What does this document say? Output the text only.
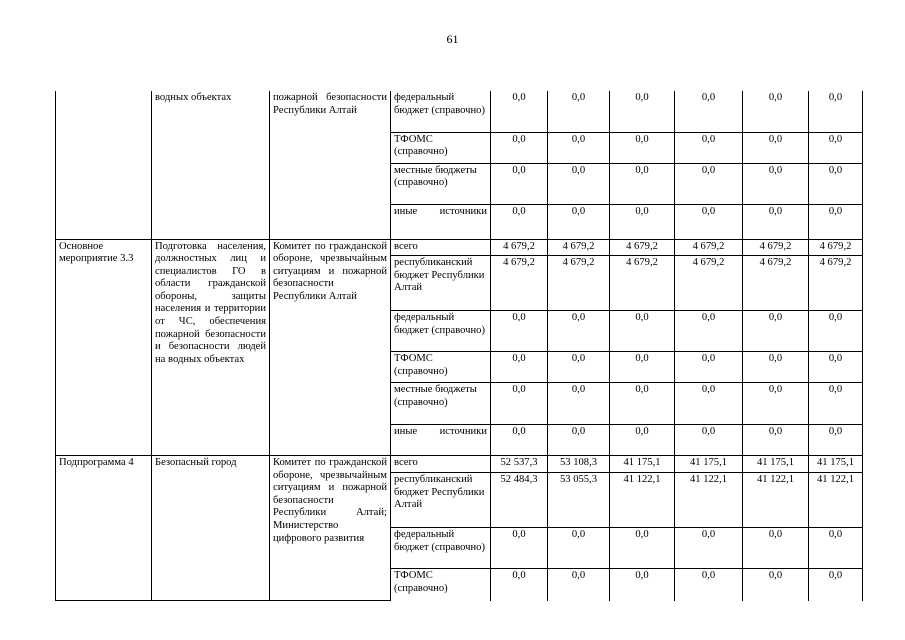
61
	водных объектах	пожарной безопасности Республики Алтай	федеральный бюджет (справочно)	0,0	0,0	0,0	0,0	0,0	0,0
			ТФОМС (справочно)	0,0	0,0	0,0	0,0	0,0	0,0
			местные бюджеты (справочно)	0,0	0,0	0,0	0,0	0,0	0,0
			иные источники	0,0	0,0	0,0	0,0	0,0	0,0
Основное мероприятие 3.3	Подготовка населения, должностных лиц и специалистов ГО в области гражданской обороны, защиты населения и территории от ЧС, обеспечения пожарной безопасности и безопасности людей на водных объектах	Комитет по гражданской обороне, чрезвычайным ситуациям и пожарной безопасности Республики Алтай	всего	4 679,2	4 679,2	4 679,2	4 679,2	4 679,2	4 679,2
			республиканский бюджет Республики Алтай	4 679,2	4 679,2	4 679,2	4 679,2	4 679,2	4 679,2
			федеральный бюджет (справочно)	0,0	0,0	0,0	0,0	0,0	0,0
			ТФОМС (справочно)	0,0	0,0	0,0	0,0	0,0	0,0
			местные бюджеты (справочно)	0,0	0,0	0,0	0,0	0,0	0,0
			иные источники	0,0	0,0	0,0	0,0	0,0	0,0
Подпрограмма 4	Безопасный город	Комитет по гражданской обороне, чрезвычайным ситуациям и пожарной безопасности Республики Алтай; Министерство цифрового развития	всего	52 537,3	53 108,3	41 175,1	41 175,1	41 175,1	41 175,1
			республиканский бюджет Республики Алтай	52 484,3	53 055,3	41 122,1	41 122,1	41 122,1	41 122,1
			федеральный бюджет (справочно)	0,0	0,0	0,0	0,0	0,0	0,0
			ТФОМС (справочно)	0,0	0,0	0,0	0,0	0,0	0,0
